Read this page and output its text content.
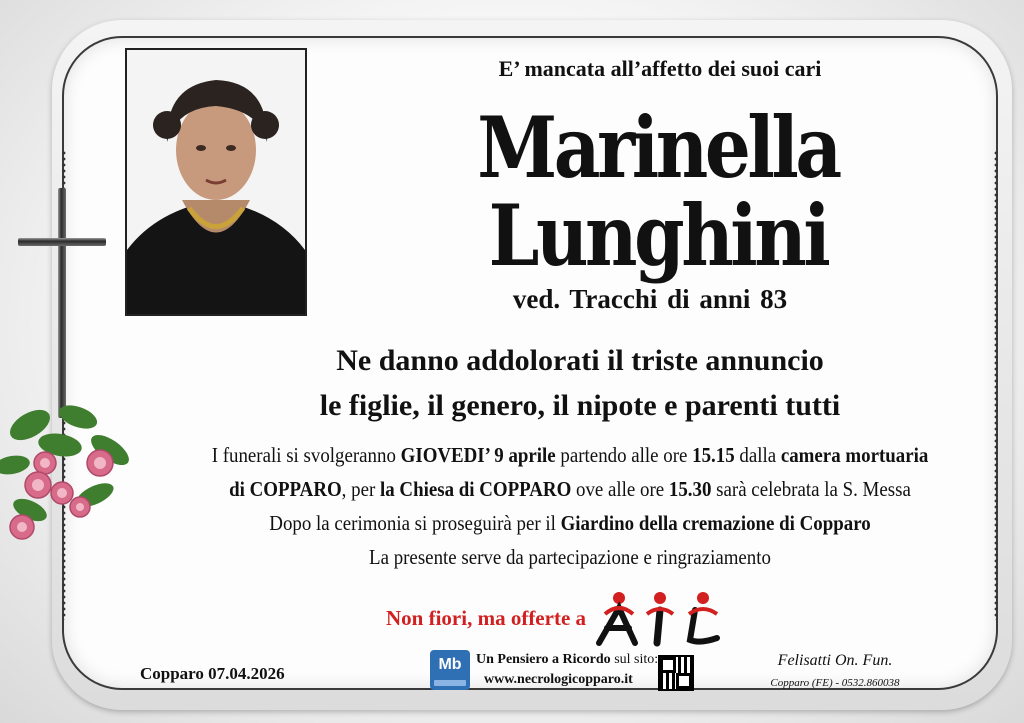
E’ mancata all’affetto dei suoi cari
Marinella Lunghini
ved. Tracchi di anni 83
Ne danno addolorati il triste annuncio
le figlie, il genero, il nipote e parenti tutti
I funerali si svolgeranno GIOVEDI’ 9 aprile partendo alle ore 15.15 dalla camera mortuaria
di COPPARO, per la Chiesa di COPPARO ove alle ore 15.30 sarà celebrata la S. Messa
Dopo la cerimonia si proseguirà per il Giardino della cremazione di Copparo
La presente serve da partecipazione e ringraziamento
Non fiori, ma offerte a
Copparo 07.04.2026	Mb	Un Pensiero a Ricordo sul sito:
www.necrologicopparo.it
Felisatti On. Fun.
Copparo (FE) - 0532.860038
